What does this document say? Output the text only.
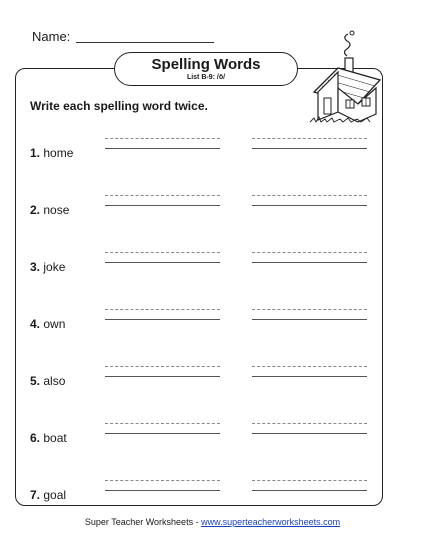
Name:
Spelling Words
List B-9: /ō/
Write each spelling word twice.
1. home
2. nose
3. joke
4. own
5. also
6. boat
7. goal
Super Teacher Worksheets - www.superteacherworksheets.com
